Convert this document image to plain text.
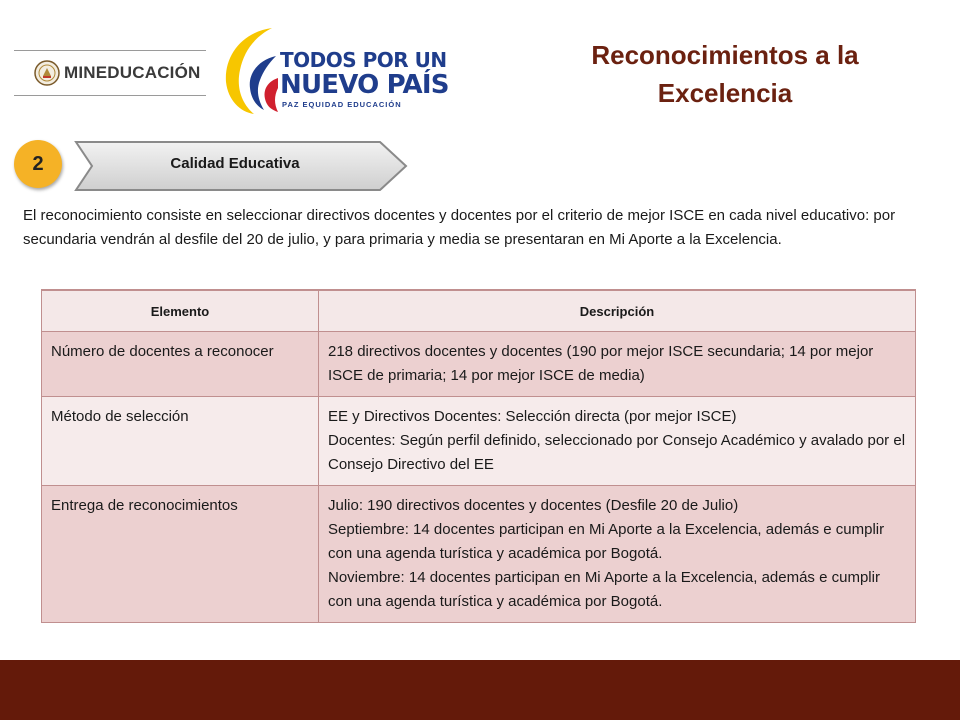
MINEDUCACIÓN
TODOS POR UN
NUEVO PAÍS
PAZ EQUIDAD EDUCACIÓN
Reconocimientos a la Excelencia
2	Calidad Educativa
El reconocimiento consiste en seleccionar directivos docentes y docentes por el criterio de mejor ISCE en cada nivel educativo: por secundaria vendrán al desfile del 20 de julio, y para primaria y media se presentaran en Mi Aporte a la Excelencia.
Elemento	Descripción
Número de docentes a reconocer	218 directivos docentes y docentes (190 por mejor ISCE secundaria; 14 por mejor ISCE de primaria; 14 por mejor ISCE de media)

Método de selección	EE y Directivos Docentes: Selección directa (por mejor ISCE)
Docentes: Según perfil definido, seleccionado por Consejo Académico y avalado por el Consejo Directivo del EE

Entrega de reconocimientos	Julio: 190 directivos docentes y docentes (Desfile 20 de Julio)
Septiembre: 14 docentes participan en Mi Aporte a la Excelencia, además e cumplir con una agenda turística y académica por Bogotá.
Noviembre: 14 docentes participan en Mi Aporte a la Excelencia, además e cumplir con una agenda turística y académica por Bogotá.
